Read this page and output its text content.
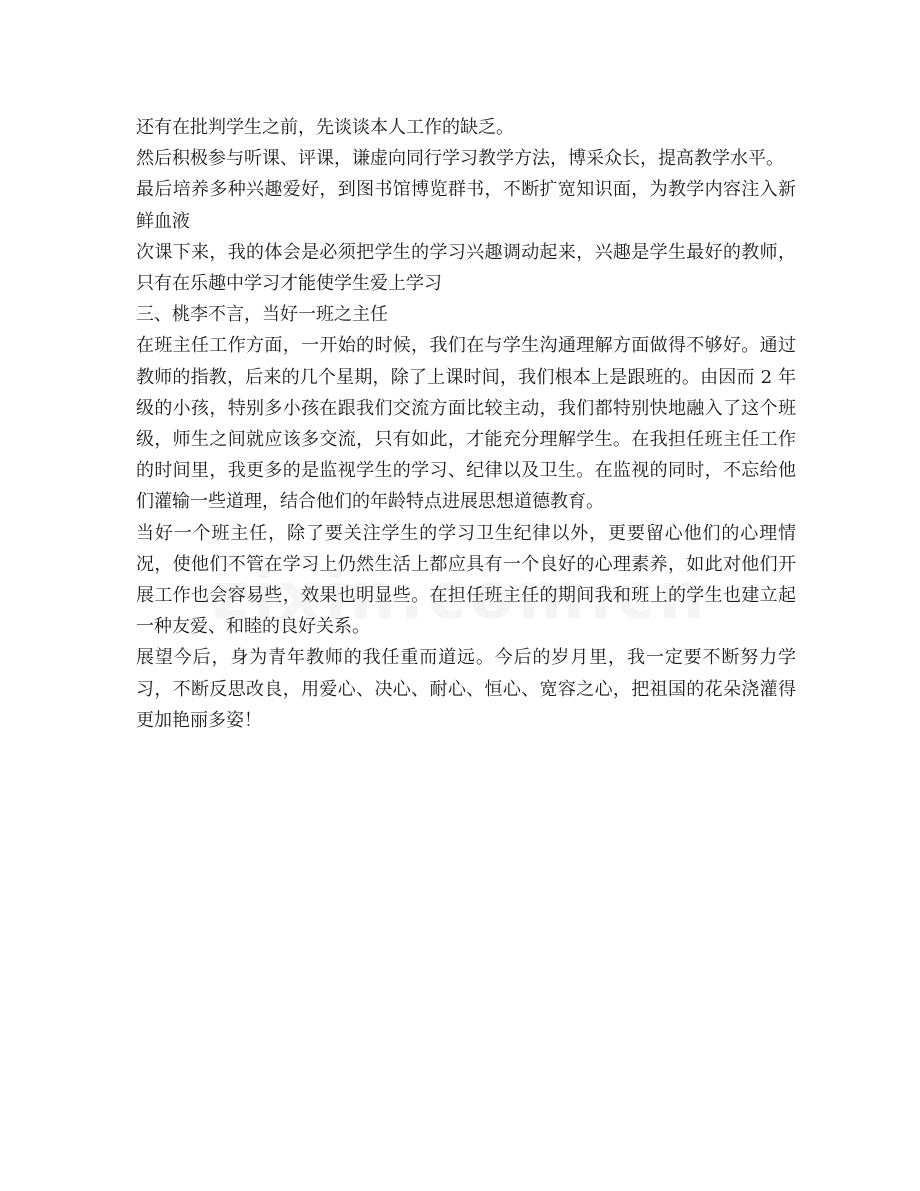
还有在批判学生之前，先谈谈本人工作的缺乏。

然后积极参与听课、评课，谦虚向同行学习教学方法，博采众长，提高教学水平。

最后培养多种兴趣爱好，到图书馆博览群书，不断扩宽知识面，为教学内容注入新鲜血液

次课下来，我的体会是必须把学生的学习兴趣调动起来，兴趣是学生最好的教师，只有在乐趣中学习才能使学生爱上学习

三、桃李不言，当好一班之主任

在班主任工作方面，一开始的时候，我们在与学生沟通理解方面做得不够好。通过教师的指教，后来的几个星期，除了上课时间，我们根本上是跟班的。由因而 2 年级的小孩，特别多小孩在跟我们交流方面比较主动，我们都特别快地融入了这个班级，师生之间就应该多交流，只有如此，才能充分理解学生。在我担任班主任工作的时间里，我更多的是监视学生的学习、纪律以及卫生。在监视的同时，不忘给他们灌输一些道理，结合他们的年龄特点进展思想道德教育。

当好一个班主任，除了要关注学生的学习卫生纪律以外，更要留心他们的心理情况，使他们不管在学习上仍然生活上都应具有一个良好的心理素养，如此对他们开展工作也会容易些，效果也明显些。在担任班主任的期间我和班上的学生也建立起一种友爱、和睦的良好关系。

展望今后，身为青年教师的我任重而道远。今后的岁月里，我一定要不断努力学习，不断反思改良，用爱心、决心、耐心、恒心、宽容之心，把祖国的花朵浇灌得更加艳丽多姿！
